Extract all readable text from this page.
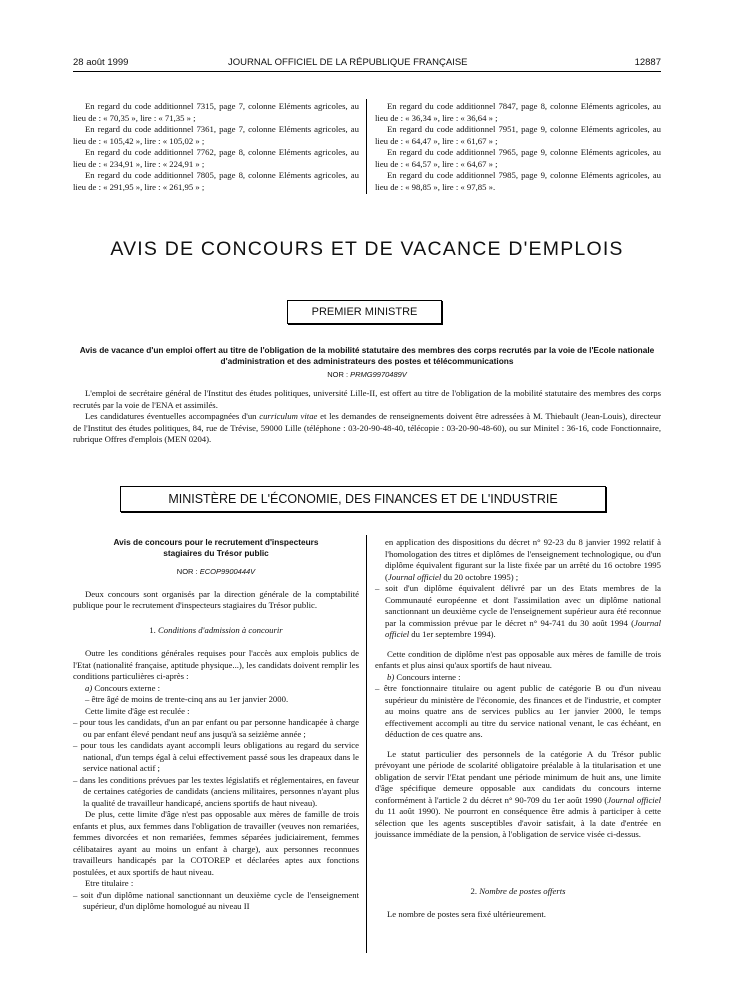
28 août 1999	JOURNAL OFFICIEL DE LA RÉPUBLIQUE FRANÇAISE	12887

En regard du code additionnel 7315, page 7, colonne Eléments agricoles, au lieu de : « 70,35 », lire : « 71,35 » ;

En regard du code additionnel 7361, page 7, colonne Eléments agricoles, au lieu de : « 105,42 », lire : « 105,02 » ;

En regard du code additionnel 7762, page 8, colonne Eléments agricoles, au lieu de : « 234,91 », lire : « 224,91 » ;

En regard du code additionnel 7805, page 8, colonne Eléments agricoles, au lieu de : « 291,95 », lire : « 261,95 » ;

En regard du code additionnel 7847, page 8, colonne Eléments agricoles, au lieu de : « 36,34 », lire : « 36,64 » ;

En regard du code additionnel 7951, page 9, colonne Eléments agricoles, au lieu de : « 64,47 », lire : « 61,67 » ;

En regard du code additionnel 7965, page 9, colonne Eléments agricoles, au lieu de : « 64,57 », lire : « 64,67 » ;

En regard du code additionnel 7985, page 9, colonne Eléments agricoles, au lieu de : « 98,85 », lire : « 97,85 ».

AVIS DE CONCOURS ET DE VACANCE D'EMPLOIS
PREMIER MINISTRE
Avis de vacance d'un emploi offert au titre de l'obligation de la mobilité statutaire des membres des corps recrutés par la voie de l'Ecole nationale d'administration et des administrateurs des postes et télécommunications
NOR : PRMG9970489V

L'emploi de secrétaire général de l'Institut des études politiques, université Lille-II, est offert au titre de l'obligation de la mobilité statutaire des membres des corps recrutés par la voie de l'ENA et assimilés.

Les candidatures éventuelles accompagnées d'un curriculum vitae et les demandes de renseignements doivent être adressées à M. Thiebault (Jean-Louis), directeur de l'Institut des études politiques, 84, rue de Trévise, 59000 Lille (téléphone : 03-20-90-48-40, télécopie : 03-20-90-48-60), ou sur Minitel : 36-16, code Fonctionnaire, rubrique Offres d'emplois (MEN 0204).

MINISTÈRE DE L'ÉCONOMIE, DES FINANCES ET DE L'INDUSTRIE

Avis de concours pour le recrutement d'inspecteurs stagiaires du Trésor public

NOR : ECOP9900444V

Deux concours sont organisés par la direction générale de la comptabilité publique pour le recrutement d'inspecteurs stagiaires du Trésor public.

1. Conditions d'admission à concourir

Outre les conditions générales requises pour l'accès aux emplois publics de l'Etat (nationalité française, aptitude physique...), les candidats doivent remplir les conditions particulières ci-après :

a) Concours externe :

– être âgé de moins de trente-cinq ans au 1er janvier 2000.

Cette limite d'âge est reculée :

– pour tous les candidats, d'un an par enfant ou par personne handicapée à charge ou par enfant élevé pendant neuf ans jusqu'à sa seizième année ;

– pour tous les candidats ayant accompli leurs obligations au regard du service national, d'un temps égal à celui effectivement passé sous les drapeaux dans le service national actif ;

– dans les conditions prévues par les textes législatifs et réglementaires, en faveur de certaines catégories de candidats (anciens militaires, personnes n'ayant plus la qualité de travailleur handicapé, anciens sportifs de haut niveau).

De plus, cette limite d'âge n'est pas opposable aux mères de famille de trois enfants et plus, aux femmes dans l'obligation de travailler (veuves non remariées, femmes divorcées et non remariées, femmes séparées judiciairement, femmes célibataires ayant au moins un enfant à charge), aux personnes reconnues travailleurs handicapés par la COTOREP et déclarées aptes aux fonctions postulées, et aux sportifs de haut niveau.

Etre titulaire :

– soit d'un diplôme national sanctionnant un deuxième cycle de l'enseignement supérieur, d'un diplôme homologué au niveau II

en application des dispositions du décret n° 92-23 du 8 janvier 1992 relatif à l'homologation des titres et diplômes de l'enseignement technologique, ou d'un diplôme équivalent figurant sur la liste fixée par un arrêté du 16 octobre 1995 (Journal officiel du 20 octobre 1995) ;

– soit d'un diplôme équivalent délivré par un des Etats membres de la Communauté européenne et dont l'assimilation avec un diplôme national sanctionnant un deuxième cycle de l'enseignement supérieur aura été reconnue par la commission prévue par le décret n° 94-741 du 30 août 1994 (Journal officiel du 1er septembre 1994).

Cette condition de diplôme n'est pas opposable aux mères de famille de trois enfants et plus ainsi qu'aux sportifs de haut niveau.

b) Concours interne :

– être fonctionnaire titulaire ou agent public de catégorie B ou d'un niveau supérieur du ministère de l'économie, des finances et de l'industrie, et compter au moins quatre ans de services publics au 1er janvier 2000, le temps effectivement accompli au titre du service national venant, le cas échéant, en déduction de ces quatre ans.

Le statut particulier des personnels de la catégorie A du Trésor public prévoyant une période de scolarité obligatoire préalable à la titularisation et une obligation de servir l'Etat pendant une période minimum de huit ans, une limite d'âge spécifique demeure opposable aux candidats du concours interne conformément à l'article 2 du décret n° 90-709 du 1er août 1990 (Journal officiel du 11 août 1990). Ne pourront en conséquence être admis à participer à cette sélection que les agents susceptibles d'avoir satisfait, à la date d'entrée en jouissance immédiate de la pension, à l'obligation de service visée ci-dessus.

2. Nombre de postes offerts

Le nombre de postes sera fixé ultérieurement.
